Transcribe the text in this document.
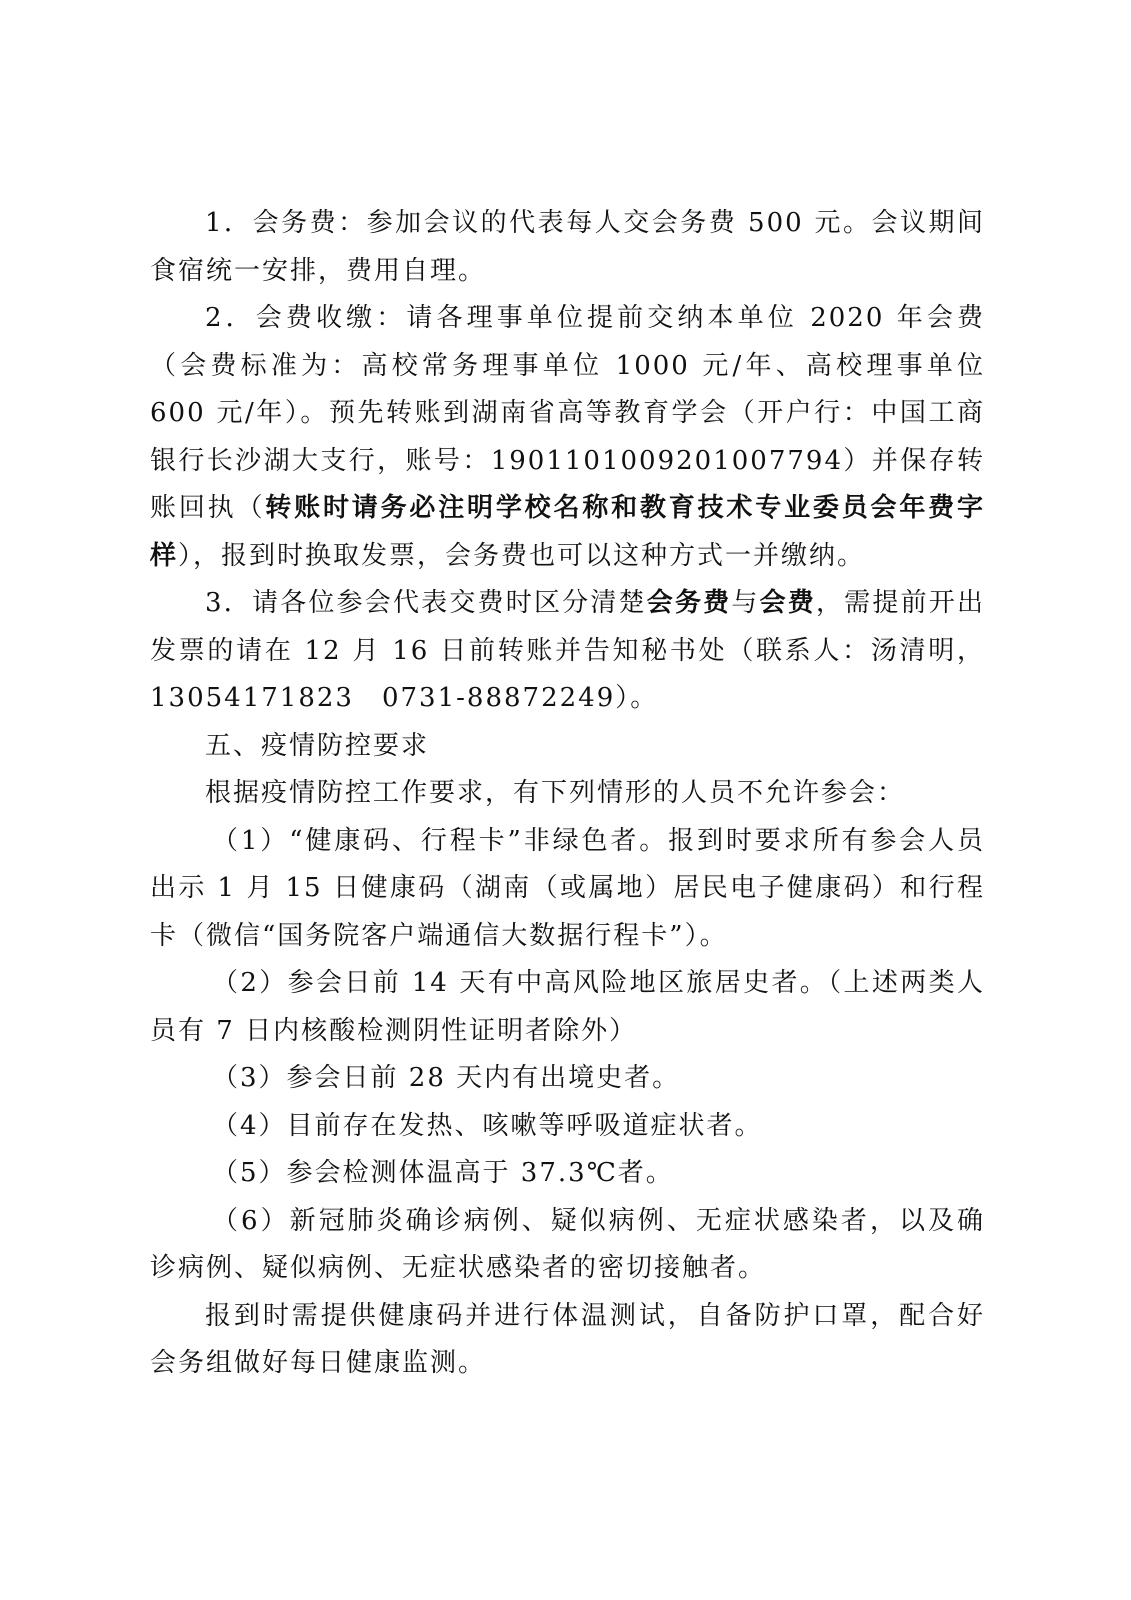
1．会务费：参加会议的代表每人交会务费 500 元。会议期间食宿统一安排，费用自理。

2．会费收缴：请各理事单位提前交纳本单位 2020 年会费（会费标准为：高校常务理事单位 1000 元/年、高校理事单位 600 元/年）。预先转账到湖南省高等教育学会（开户行：中国工商银行长沙湖大支行，账号：1901101009201007794）并保存转账回执（转账时请务必注明学校名称和教育技术专业委员会年费字样），报到时换取发票，会务费也可以这种方式一并缴纳。

3．请各位参会代表交费时区分清楚会务费与会费，需提前开出发票的请在 12 月 16 日前转账并告知秘书处（联系人：汤清明，13054171823　0731-88872249）。

五、疫情防控要求

根据疫情防控工作要求，有下列情形的人员不允许参会：

（1）“健康码、行程卡”非绿色者。报到时要求所有参会人员出示 1 月 15 日健康码（湖南（或属地）居民电子健康码）和行程卡（微信“国务院客户端通信大数据行程卡”）。

（2）参会日前 14 天有中高风险地区旅居史者。（上述两类人员有 7 日内核酸检测阴性证明者除外）

（3）参会日前 28 天内有出境史者。

（4）目前存在发热、咳嗽等呼吸道症状者。

（5）参会检测体温高于 37.3℃者。

（6）新冠肺炎确诊病例、疑似病例、无症状感染者，以及确诊病例、疑似病例、无症状感染者的密切接触者。

报到时需提供健康码并进行体温测试，自备防护口罩，配合好会务组做好每日健康监测。
